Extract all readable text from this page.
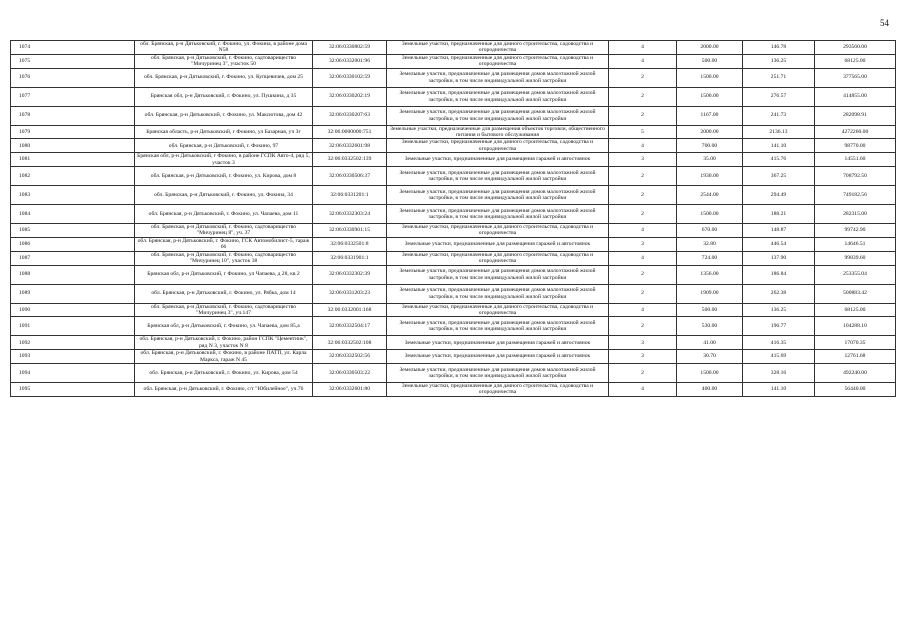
54
1074	обл. Брянская, р-н Дятьковский, г. Фокино, ул. Фокина, в районе дома N58	32:06:0330802:59	Земельные участки, предназначенные для дачного строительства, садоводства и огородничества	4	2000.00	146.78	293560.00
1075	обл. Брянская, р-н Дятьковский, г. Фокино, садтоварищество "Мичуринец 3", участок 50	32:06:0332001:96	Земельные участки, предназначенные для дачного строительства, садоводства и огородничества	4	500.00	136.25	68125.00
1076	обл. Брянская, р-н Дятьковский, г. Фокино, ул. Купцевичев, дом 25	32:06:0330102:59	Земельные участки, предназначенные для размещения домов малоэтажной жилой застройки, в том числе индивидуальной жилой застройки	2	1500.00	251.71	377565.00
1077	Брянская обл, р-н Дятьковский, г. Фокино, ул. Пушкина, д 35	32:06:0330202:19	Земельные участки, предназначенные для размещения домов малоэтажной жилой застройки, в том числе индивидуальной жилой застройки	2	1500.00	276.57	414855.00
1078	обл. Брянская, р-н Дятьковский, г. Фокино, ул. Максютова, дом 42	32:06:0330207:63	Земельные участки, предназначенные для размещения домов малоэтажной жилой застройки, в том числе индивидуальной жилой застройки	2	1167.00	241.73	282098.91
1079	Брянская область, р-н Дятьковский, г Фокино, ул Базарная, уч 3г	32:06:0000000:751	Земельные участки, предназначенные для размещения объектов торговли, общественного питания и бытового обслуживания	5	2000.00	2136.13	4272260.00
1080	обл. Брянская, р-н Дятьковский, г. Фокино, 97	32:06:0332601:98	Земельные участки, предназначенные для дачного строительства, садоводства и огородничества	4	700.00	141.10	98770.00
1081	Брянская обл, р-н Дятьковский, г Фокино, в районе ГСПК Авто-4, ряд 5, участок 3	32:06:0332502:139	Земельные участки, предназначенные для размещения гаражей и автостоянок	3	35.00	415.76	14551.60
1082	обл. Брянская, р-н Дятьковский, г. Фокино, ул. Кирова, дом 8	32:06:0330506:37	Земельные участки, предназначенные для размещения домов малоэтажной жилой застройки, в том числе индивидуальной жилой застройки	2	1930.00	367.25	708792.50
1083	обл. Брянская, р-н Дятьковский, г. Фокино, ул. Фокина, 34	32:06:0331201:1	Земельные участки, предназначенные для размещения домов малоэтажной жилой застройки, в том числе индивидуальной жилой застройки	2	2544.00	294.49	749182.56
1084	обл. Брянская, р-н Дятьковский, г. Фокино, ул. Чапаева, дом 11	32:06:0332303:24	Земельные участки, предназначенные для размещения домов малоэтажной жилой застройки, в том числе индивидуальной жилой застройки	2	1500.00	188.21	282315.00
1085	обл. Брянская, р-н Дятьковский, г. Фокино, садтоварищество "Мичуринец 8", уч. 37	32:06:0330901:15	Земельные участки, предназначенные для дачного строительства, садоводства и огородничества	4	670.00	148.87	99742.90
1086	обл. Брянская, р-н Дятьковский, г. Фокино, ГСК Автомобилист-5, гараж 66	32:06:0332501:8	Земельные участки, предназначенные для размещения гаражей и автостоянок	3	32.80	446.54	14646.51
1087	обл. Брянская, р-н Дятьковский, г. Фокино, садтоварищество "Мичуринец 10", участок 38	32:06:0331901:1	Земельные участки, предназначенные для дачного строительства, садоводства и огородничества	4	724.00	137.90	99839.60
1088	Брянская обл, р-н Дятьковский, г Фокино, ул Чапаева, д 28, кв 2	32:06:0332302:39	Земельные участки, предназначенные для размещения домов малоэтажной жилой застройки, в том числе индивидуальной жилой застройки	2	1356.00	186.84	253355.04
1089	обл. Брянская, р-н Дятьковский, г. Фокино, ул. Рябка, дом 14	32:06:0331203:23	Земельные участки, предназначенные для размещения домов малоэтажной жилой застройки, в том числе индивидуальной жилой застройки	2	1909.00	262.38	500883.42
1090	обл. Брянская, р-н Дятьковский, г. Фокино, садтоварищество "Мичуринец 3", уч.147	32:06:0332001:168	Земельные участки, предназначенные для дачного строительства, садоводства и огородничества	4	500.00	136.25	68125.00
1091	Брянская обл, р-н Дятьковский, г. Фокино, ул. Чапаева, дом 85,а	32:06:0332504:17	Земельные участки, предназначенные для размещения домов малоэтажной жилой застройки, в том числе индивидуальной жилой застройки	2	530.00	196.77	104288.10
1092	обл. Брянская, р-н Дятьковский, г. Фокино, район ГСПК "Цементник", ряд N 3, участок N 8	32:06:0332502:108	Земельные участки, предназначенные для размещения гаражей и автостоянок	3	41.00	416.35	17070.35
1093	обл. Брянская, р-н Дятьковский, г. Фокино, в районе ПАТП, ул. Карла Маркса, гараж N 45	32:06:0332502:56	Земельные участки, предназначенные для размещения гаражей и автостоянок	3	30.70	415.69	12761.68
1094	обл. Брянская, р-н Дятьковский, г. Фокино, ул. Кирова, дом 54	32:06:0330503:22	Земельные участки, предназначенные для размещения домов малоэтажной жилой застройки, в том числе индивидуальной жилой застройки	2	1500.00	328.16	492240.00
1095	обл. Брянская, р-н Дятьковский, г. Фокино, с/т "Юбилейное", уч.76	32:06:0332601:80	Земельные участки, предназначенные для дачного строительства, садоводства и огородничества	4	400.00	141.10	56440.00
